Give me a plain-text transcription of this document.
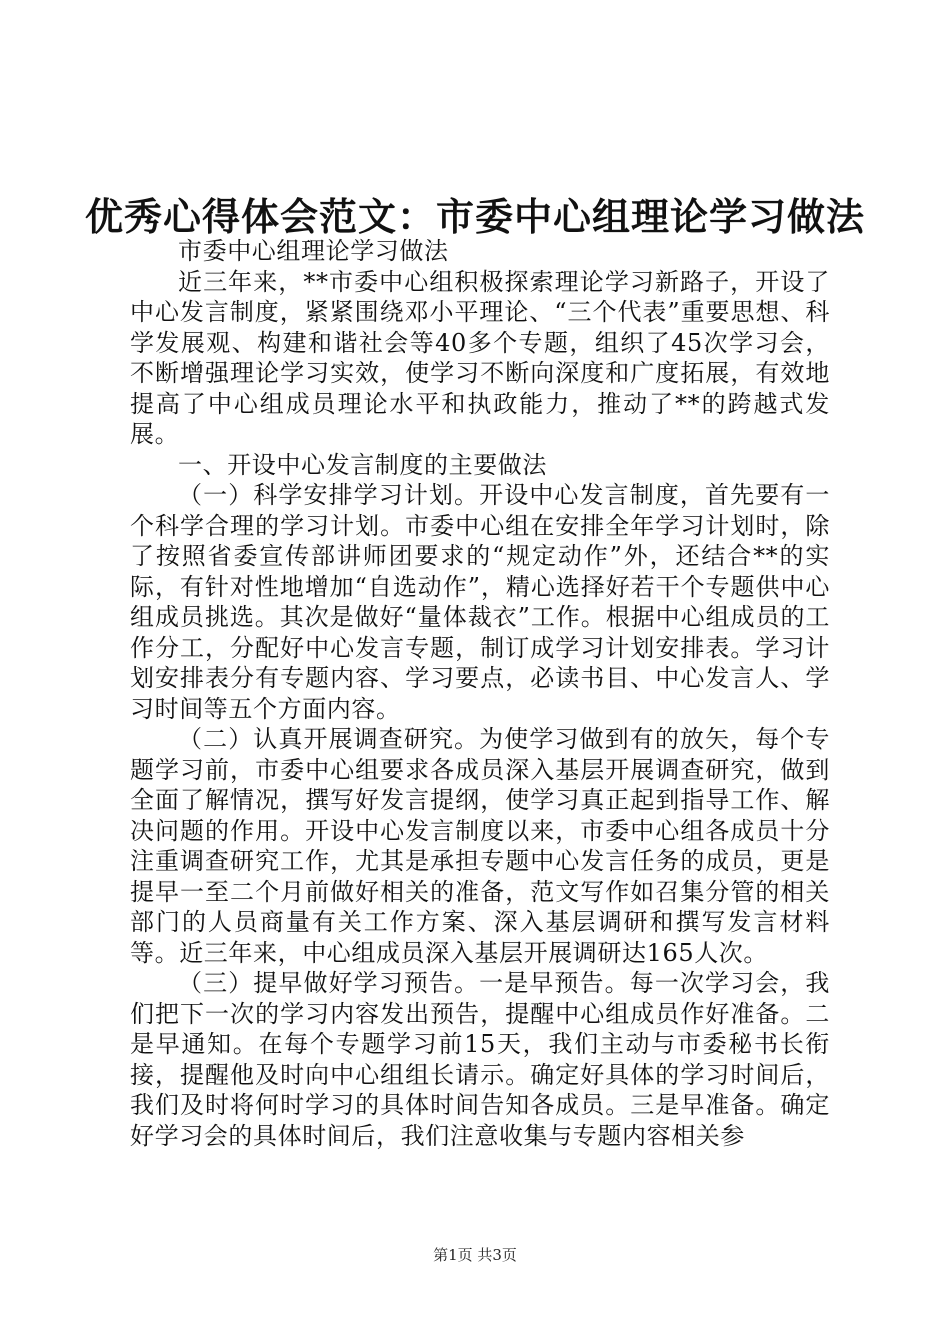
优秀心得体会范文：市委中心组理论学习做法

市委中心组理论学习做法

近三年来，**市委中心组积极探索理论学习新路子，开设了中心发言制度，紧紧围绕邓小平理论、“三个代表”重要思想、科学发展观、构建和谐社会等40多个专题，组织了45次学习会，不断增强理论学习实效，使学习不断向深度和广度拓展，有效地提高了中心组成员理论水平和执政能力，推动了**的跨越式发展。

一、开设中心发言制度的主要做法

（一）科学安排学习计划。开设中心发言制度，首先要有一个科学合理的学习计划。市委中心组在安排全年学习计划时，除了按照省委宣传部讲师团要求的“规定动作”外，还结合**的实际，有针对性地增加“自选动作”，精心选择好若干个专题供中心组成员挑选。其次是做好“量体裁衣”工作。根据中心组成员的工作分工，分配好中心发言专题，制订成学习计划安排表。学习计划安排表分有专题内容、学习要点，必读书目、中心发言人、学习时间等五个方面内容。

（二）认真开展调查研究。为使学习做到有的放矢，每个专题学习前，市委中心组要求各成员深入基层开展调查研究，做到全面了解情况，撰写好发言提纲，使学习真正起到指导工作、解决问题的作用。开设中心发言制度以来，市委中心组各成员十分注重调查研究工作，尤其是承担专题中心发言任务的成员，更是提早一至二个月前做好相关的准备，范文写作如召集分管的相关部门的人员商量有关工作方案、深入基层调研和撰写发言材料等。近三年来，中心组成员深入基层开展调研达165人次。

（三）提早做好学习预告。一是早预告。每一次学习会，我们把下一次的学习内容发出预告，提醒中心组成员作好准备。二是早通知。在每个专题学习前15天，我们主动与市委秘书长衔接，提醒他及时向中心组组长请示。确定好具体的学习时间后，我们及时将何时学习的具体时间告知各成员。三是早准备。确定好学习会的具体时间后，我们注意收集与专题内容相关参

第1页 共3页
